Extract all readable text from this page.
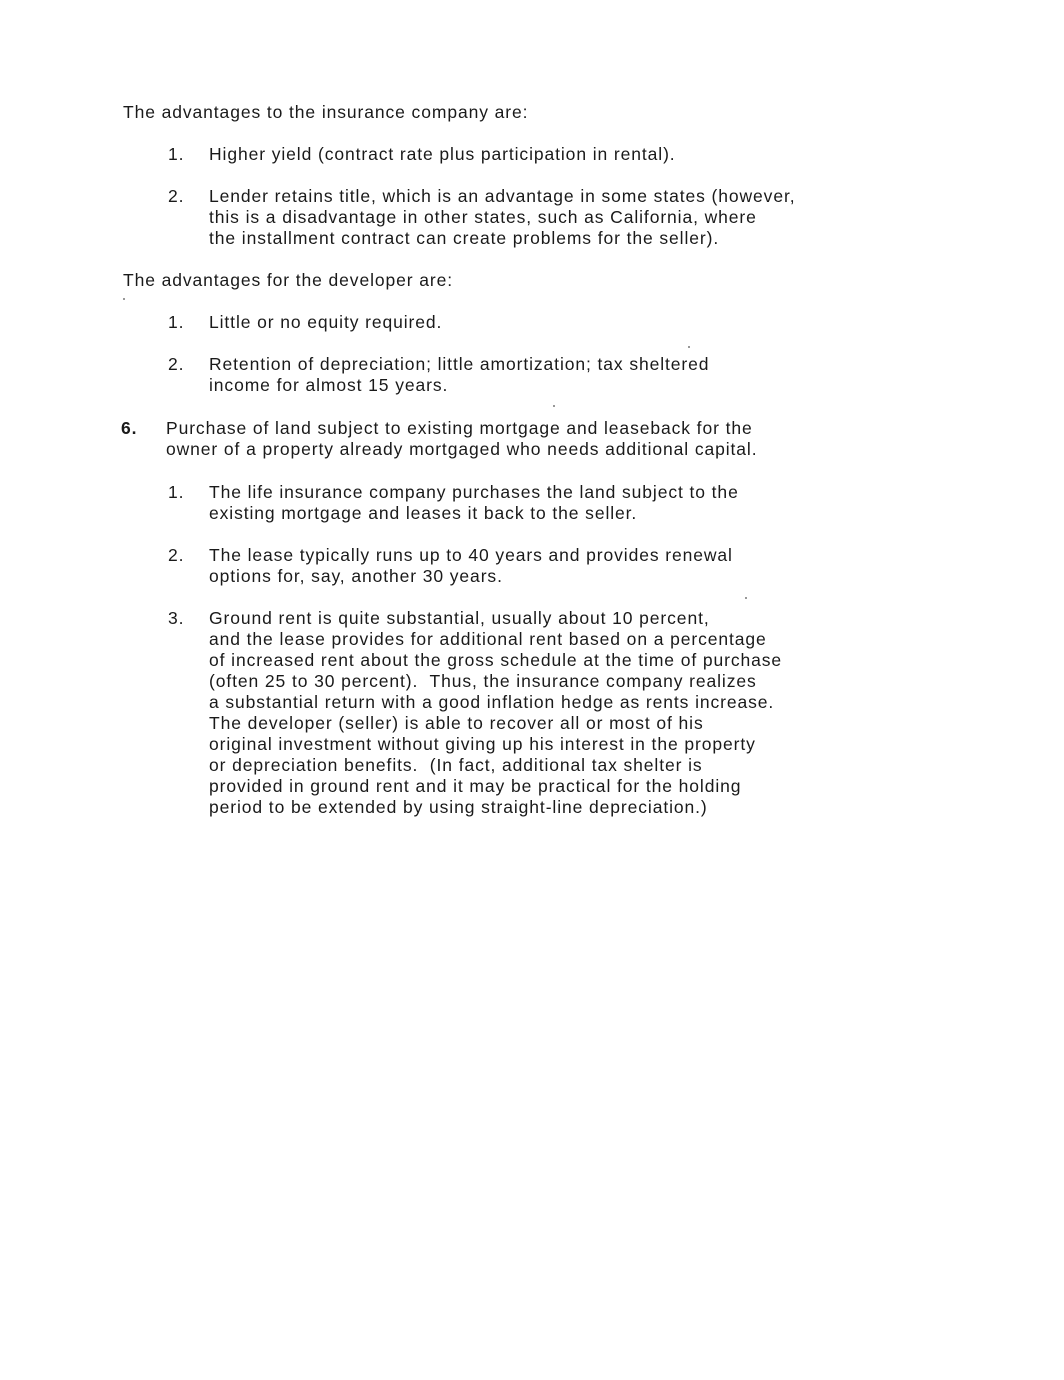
The advantages to the insurance company are:
1. Higher yield (contract rate plus participation in rental).
2. Lender retains title, which is an advantage in some states (however,
this is a disadvantage in other states, such as California, where
the installment contract can create problems for the seller).
The advantages for the developer are:
1. Little or no equity required.
2. Retention of depreciation; little amortization; tax sheltered
income for almost 15 years.
6. Purchase of land subject to existing mortgage and leaseback for the
owner of a property already mortgaged who needs additional capital.
1. The life insurance company purchases the land subject to the
existing mortgage and leases it back to the seller.
2. The lease typically runs up to 40 years and provides renewal
options for, say, another 30 years.
3. Ground rent is quite substantial, usually about 10 percent,
and the lease provides for additional rent based on a percentage
of increased rent about the gross schedule at the time of purchase
(often 25 to 30 percent).  Thus, the insurance company realizes
a substantial return with a good inflation hedge as rents increase.
The developer (seller) is able to recover all or most of his
original investment without giving up his interest in the property
or depreciation benefits.  (In fact, additional tax shelter is
provided in ground rent and it may be practical for the holding
period to be extended by using straight-line depreciation.)
